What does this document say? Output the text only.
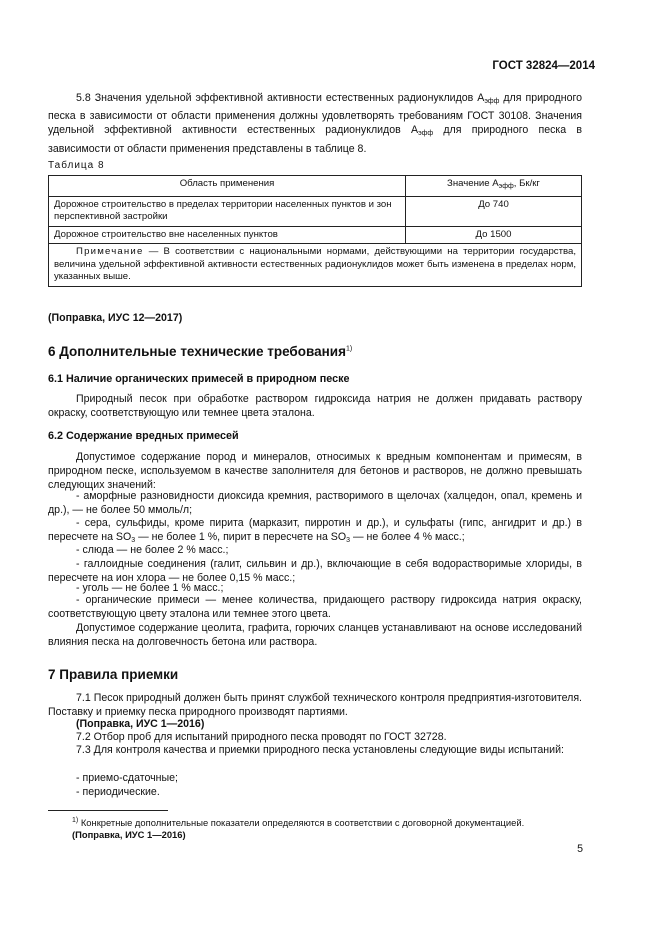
ГОСТ 32824—2014
5.8 Значения удельной эффективной активности естественных радионуклидов $А_{эфф}$ для природного песка в зависимости от области применения должны удовлетворять требованиям ГОСТ 30108. Значения удельной эффективной активности естественных радионуклидов $А_{эфф}$ для природного песка в зависимости от области применения представлены в таблице 8.
Таблица 8
Область применения	Значение $А_{эфф}$, Бк/кг
Дорожное строительство в пределах территории населенных пунктов и зон перспективной застройки	До 740
Дорожное строительство вне населенных пунктов	До 1500
Примечание — В соответствии с национальными нормами, действующими на территории государства, величина удельной эффективной активности естественных радионуклидов может быть изменена в пределах норм, указанных выше.	
(Поправка, ИУС 12—2017)
6 Дополнительные технические требования$^{1)}$
6.1 Наличие органических примесей в природном песке
Природный песок при обработке раствором гидроксида натрия не должен придавать раствору окраску, соответствующую или темнее цвета эталона.
6.2 Содержание вредных примесей
Допустимое содержание пород и минералов, относимых к вредным компонентам и примесям, в природном песке, используемом в качестве заполнителя для бетонов и растворов, не должно превышать следующих значений:
- аморфные разновидности диоксида кремния, растворимого в щелочах (халцедон, опал, кремень и др.), — не более 50 ммоль/л;
- сера, сульфиды, кроме пирита (марказит, пирротин и др.), и сульфаты (гипс, ангидрит и др.) в пересчете на $SO_3$ — не более 1 %, пирит в пересчете на $SO_3$ — не более 4 % масс.;
- слюда — не более 2 % масс.;
- галлоидные соединения (галит, сильвин и др.), включающие в себя водорастворимые хлориды, в пересчете на ион хлора — не более 0,15 % масс.;
- уголь — не более 1 % масс.;
- органические примеси — менее количества, придающего раствору гидроксида натрия окраску, соответствующую цвету эталона или темнее этого цвета.
Допустимое содержание цеолита, графита, горючих сланцев устанавливают на основе исследований влияния песка на долговечность бетона или раствора.
7 Правила приемки
7.1 Песок природный должен быть принят службой технического контроля предприятия-изготовителя. Поставку и приемку песка природного производят партиями.
(Поправка, ИУС 1—2016)
7.2 Отбор проб для испытаний природного песка проводят по ГОСТ 32728.
7.3 Для контроля качества и приемки природного песка установлены следующие виды испытаний:
- приемо-сдаточные;
- периодические.
$^{1)}$ Конкретные дополнительные показатели определяются в соответствии с договорной документацией.
(Поправка, ИУС 1—2016)
5
